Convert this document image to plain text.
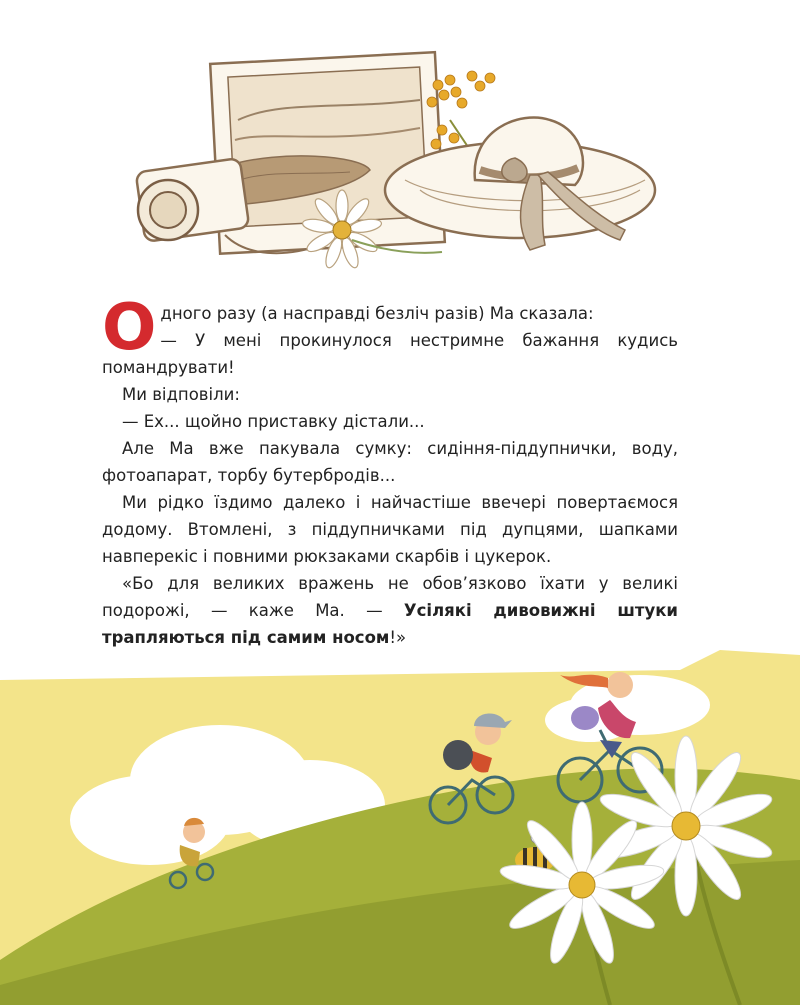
Одного разу (а насправді безліч разів) Ма сказала:
— У мені прокинулося нестримне бажання кудись помандрувати!

Ми відповіли:

— Ех... щойно приставку дістали...

Але Ма вже пакувала сумку: сидіння-піддупнички, воду, фотоапарат, торбу бутербродів...

Ми рідко їздимо далеко і найчастіше ввечері повертаємося додому. Втомлені, з піддупничками під дупцями, шапками навперекіс і повними рюкзаками скарбів і цукерок.

«Бо для великих вражень не обов’язково їхати у великі подорожі, — каже Ма. — Усілякі дивовижні штуки трапляються під самим носом!»
